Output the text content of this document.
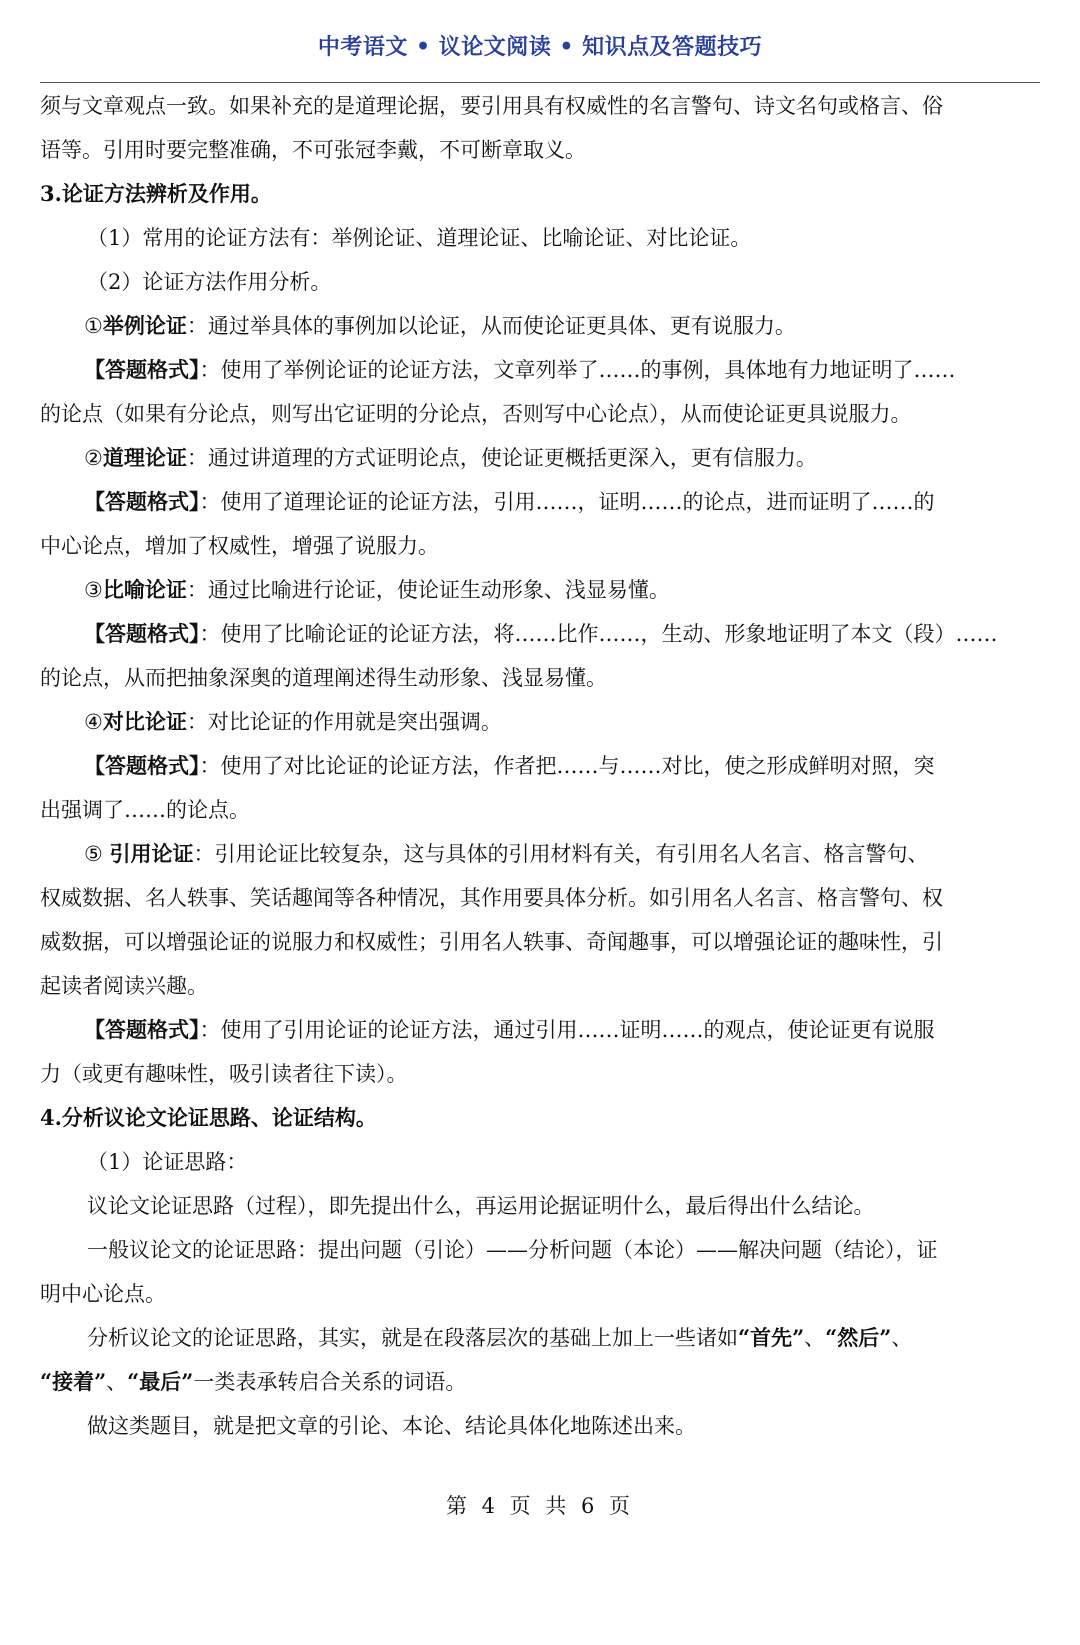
中考语文 • 议论文阅读 • 知识点及答题技巧
须与文章观点一致。如果补充的是道理论据，要引用具有权威性的名言警句、诗文名句或格言、俗
语等。引用时要完整准确，不可张冠李戴，不可断章取义。
3.论证方法辨析及作用。
（1）常用的论证方法有：举例论证、道理论证、比喻论证、对比论证。
（2）论证方法作用分析。
①举例论证：通过举具体的事例加以论证，从而使论证更具体、更有说服力。
【答题格式】：使用了举例论证的论证方法，文章列举了……的事例，具体地有力地证明了……
的论点（如果有分论点，则写出它证明的分论点，否则写中心论点），从而使论证更具说服力。
②道理论证：通过讲道理的方式证明论点，使论证更概括更深入，更有信服力。
【答题格式】：使用了道理论证的论证方法，引用……，证明……的论点，进而证明了……的
中心论点，增加了权威性，增强了说服力。
③比喻论证：通过比喻进行论证，使论证生动形象、浅显易懂。
【答题格式】：使用了比喻论证的论证方法，将……比作……，生动、形象地证明了本文（段）……
的论点，从而把抽象深奥的道理阐述得生动形象、浅显易懂。
④对比论证：对比论证的作用就是突出强调。
【答题格式】：使用了对比论证的论证方法，作者把……与……对比，使之形成鲜明对照，突
出强调了……的论点。
⑤ 引用论证：引用论证比较复杂，这与具体的引用材料有关，有引用名人名言、格言警句、
权威数据、名人轶事、笑话趣闻等各种情况，其作用要具体分析。如引用名人名言、格言警句、权
威数据，可以增强论证的说服力和权威性；引用名人轶事、奇闻趣事，可以增强论证的趣味性，引
起读者阅读兴趣。
【答题格式】：使用了引用论证的论证方法，通过引用……证明……的观点，使论证更有说服
力（或更有趣味性，吸引读者往下读）。
4.分析议论文论证思路、论证结构。
（1）论证思路：
议论文论证思路（过程），即先提出什么，再运用论据证明什么，最后得出什么结论。
一般议论文的论证思路：提出问题（引论）——分析问题（本论）——解决问题（结论），证
明中心论点。
分析议论文的论证思路，其实，就是在段落层次的基础上加上一些诸如“首先”、“然后”、
“接着”、“最后”一类表承转启合关系的词语。
做这类题目，就是把文章的引论、本论、结论具体化地陈述出来。
第 4 页 共 6 页
